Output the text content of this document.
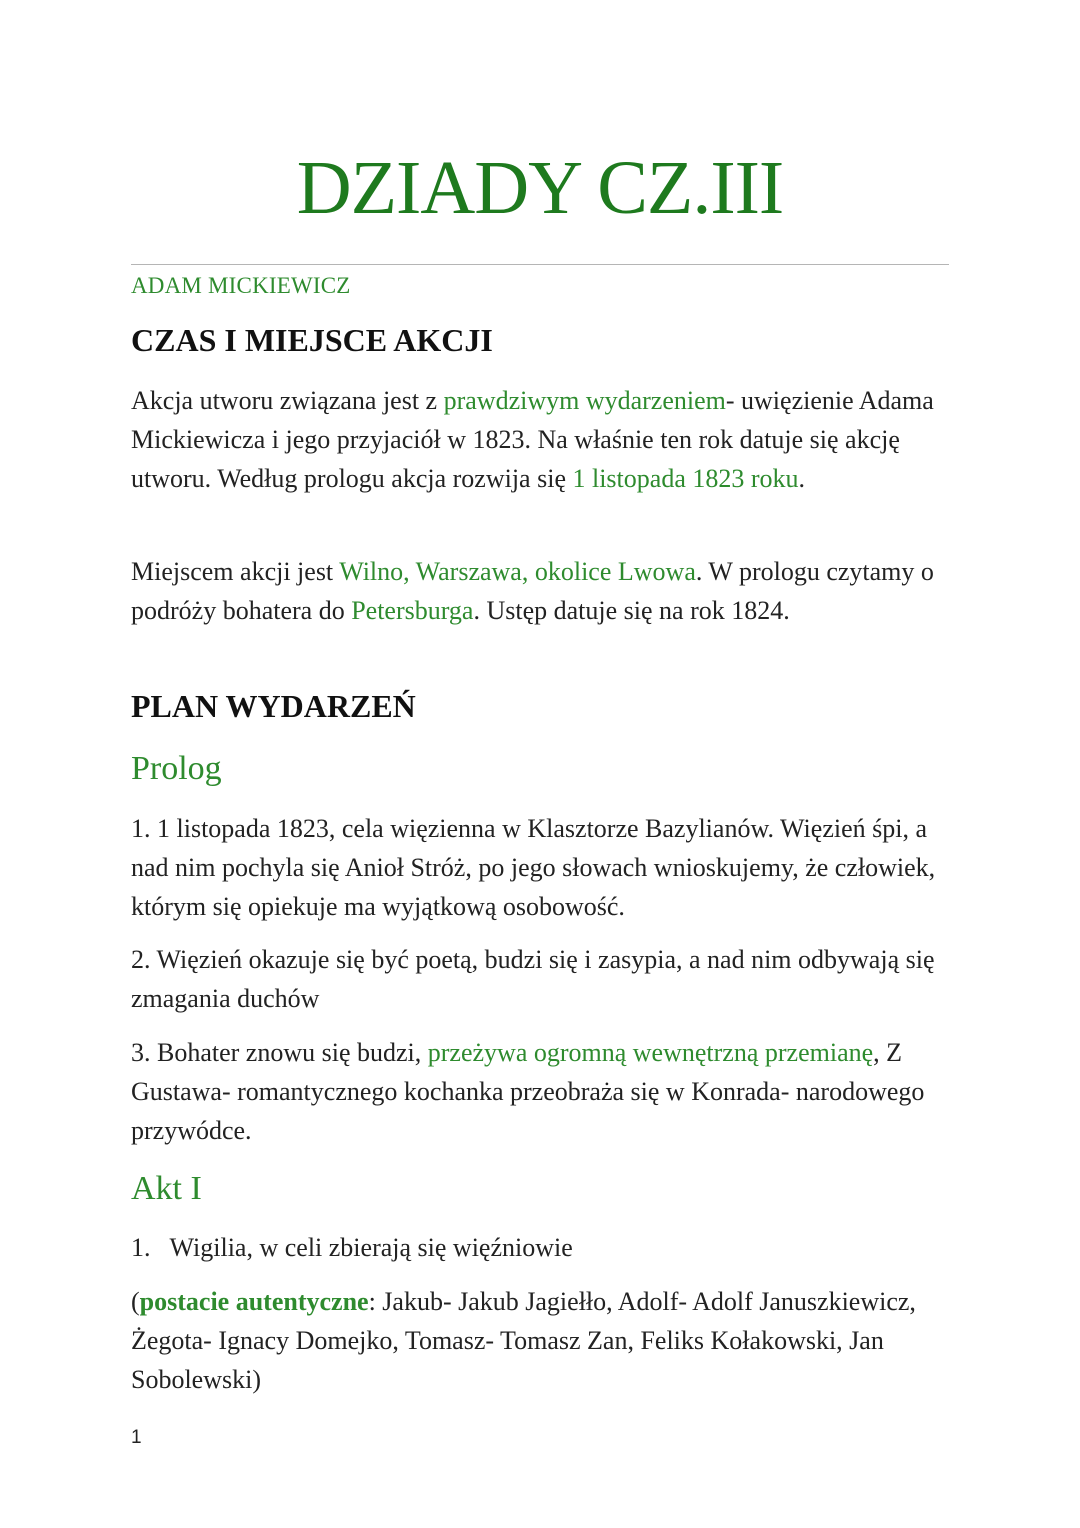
DZIADY CZ.III
ADAM MICKIEWICZ
CZAS I MIEJSCE AKCJI

Akcja utworu związana jest z prawdziwym wydarzeniem- uwięzienie Adama Mickiewicza i jego przyjaciół w 1823. Na właśnie ten rok datuje się akcję utworu. Według prologu akcja rozwija się 1 listopada 1823 roku.

Miejscem akcji jest Wilno, Warszawa, okolice Lwowa. W prologu czytamy o podróży bohatera do Petersburga. Ustęp datuje się na rok 1824.

PLAN WYDARZEŃ
Prolog

1. 1 listopada 1823, cela więzienna w Klasztorze Bazylianów. Więzień śpi, a nad nim pochyla się Anioł Stróż, po jego słowach wnioskujemy, że człowiek, którym się opiekuje ma wyjątkową osobowość.

2. Więzień okazuje się być poetą, budzi się i zasypia, a nad nim odbywają się zmagania duchów

3. Bohater znowu się budzi, przeżywa ogromną wewnętrzną przemianę, Z Gustawa- romantycznego kochanka przeobraża się w Konrada- narodowego przywódce.

Akt I

1.   Wigilia, w celi zbierają się więźniowie

(postacie autentyczne: Jakub- Jakub Jagiełło, Adolf- Adolf Januszkiewicz, Żegota- Ignacy Domejko, Tomasz- Tomasz Zan, Feliks Kołakowski, Jan Sobolewski)

1
